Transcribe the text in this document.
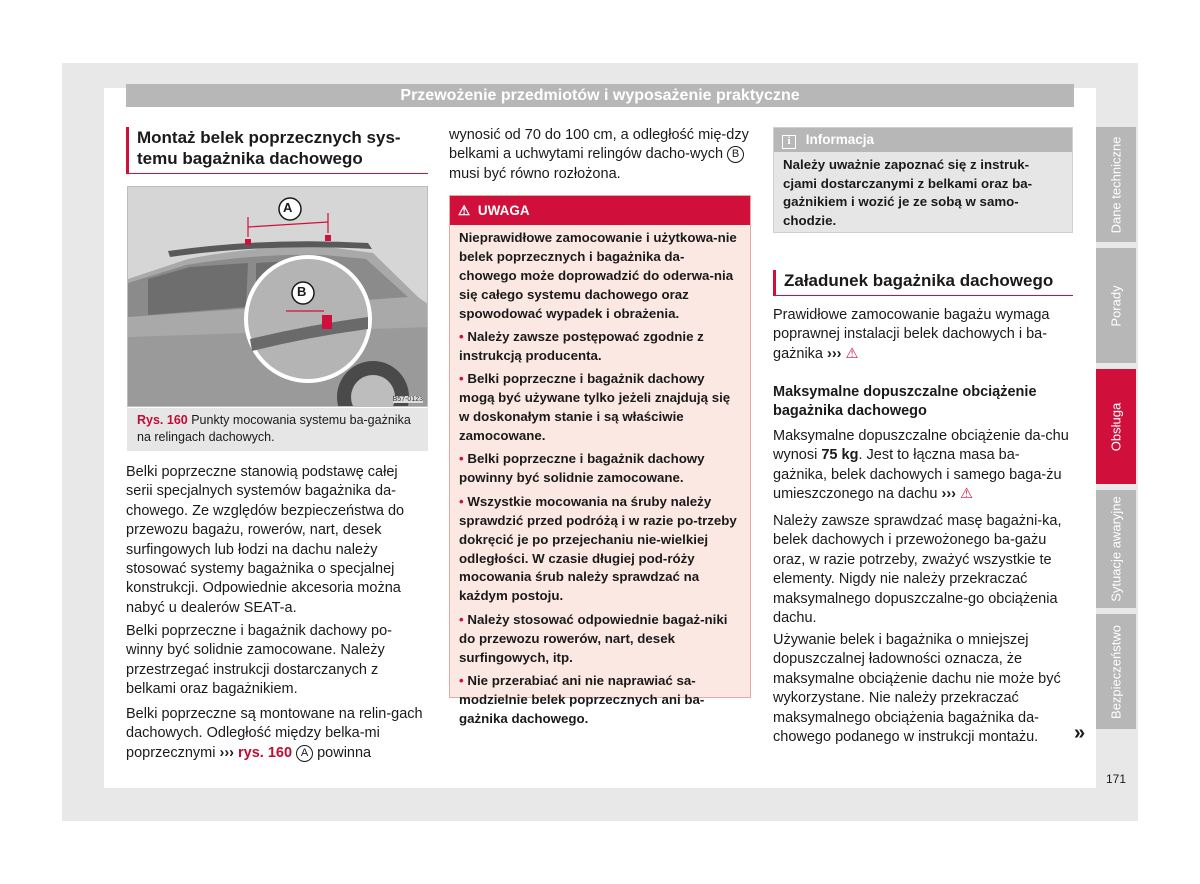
Przewożenie przedmiotów i wyposażenie praktyczne
Montaż belek poprzecznych sys-
temu bagażnika dachowego
A
B
B57-0123
Rys. 160 Punkty mocowania systemu ba-gażnika na relingach dachowych.
Belki poprzeczne stanowią podstawę całej serii specjalnych systemów bagażnika da-chowego. Ze względów bezpieczeństwa do przewozu bagażu, rowerów, nart, desek surfingowych lub łodzi na dachu należy stosować systemy bagażnika o specjalnej konstrukcji. Odpowiednie akcesoria można nabyć u dealerów SEAT-a.
Belki poprzeczne i bagażnik dachowy po-winny być solidnie zamocowane. Należy przestrzegać instrukcji dostarczanych z belkami oraz bagażnikiem.
Belki poprzeczne są montowane na relin-gach dachowych. Odległość między belka-mi poprzecznymi ››› rys. 160 A powinna
wynosić od 70 do 100 cm, a odległość mię-dzy belkami a uchwytami relingów dacho-wych B musi być równo rozłożona.
⚠ UWAGA
Nieprawidłowe zamocowanie i użytkowa-nie belek poprzecznych i bagażnika da-chowego może doprowadzić do oderwa-nia się całego systemu dachowego oraz spowodować wypadek i obrażenia.
• Należy zawsze postępować zgodnie z instrukcją producenta.
• Belki poprzeczne i bagażnik dachowy mogą być używane tylko jeżeli znajdują się w doskonałym stanie i są właściwie zamocowane.
• Belki poprzeczne i bagażnik dachowy powinny być solidnie zamocowane.
• Wszystkie mocowania na śruby należy sprawdzić przed podróżą i w razie po-trzeby dokręcić je po przejechaniu nie-wielkiej odległości. W czasie długiej pod-róży mocowania śrub należy sprawdzać na każdym postoju.
• Należy stosować odpowiednie bagaż-niki do przewozu rowerów, nart, desek surfingowych, itp.
• Nie przerabiać ani nie naprawiać sa-modzielnie belek poprzecznych ani ba-gażnika dachowego.
i Informacja
Należy uważnie zapoznać się z instruk-cjami dostarczanymi z belkami oraz ba-gażnikiem i wozić je ze sobą w samo-chodzie.
Załadunek bagażnika dachowego
Prawidłowe zamocowanie bagażu wymaga poprawnej instalacji belek dachowych i ba-gażnika ››› ⚠
Maksymalne dopuszczalne obciążenie bagażnika dachowego
Maksymalne dopuszczalne obciążenie da-chu wynosi 75 kg. Jest to łączna masa ba-gażnika, belek dachowych i samego baga-żu umieszczonego na dachu ››› ⚠
Należy zawsze sprawdzać masę bagażni-ka, belek dachowych i przewożonego ba-gażu oraz, w razie potrzeby, zważyć wszystkie te elementy. Nigdy nie należy przekraczać maksymalnego dopuszczalne-go obciążenia dachu.
Używanie belek i bagażnika o mniejszej dopuszczalnej ładowności oznacza, że maksymalne obciążenie dachu nie może być wykorzystane. Nie należy przekraczać maksymalnego obciążenia bagażnika da-chowego podanego w instrukcji montażu.	»
Dane techniczne
Porady
Obsługa
Sytuacje awaryjne
Bezpieczeństwo
171
